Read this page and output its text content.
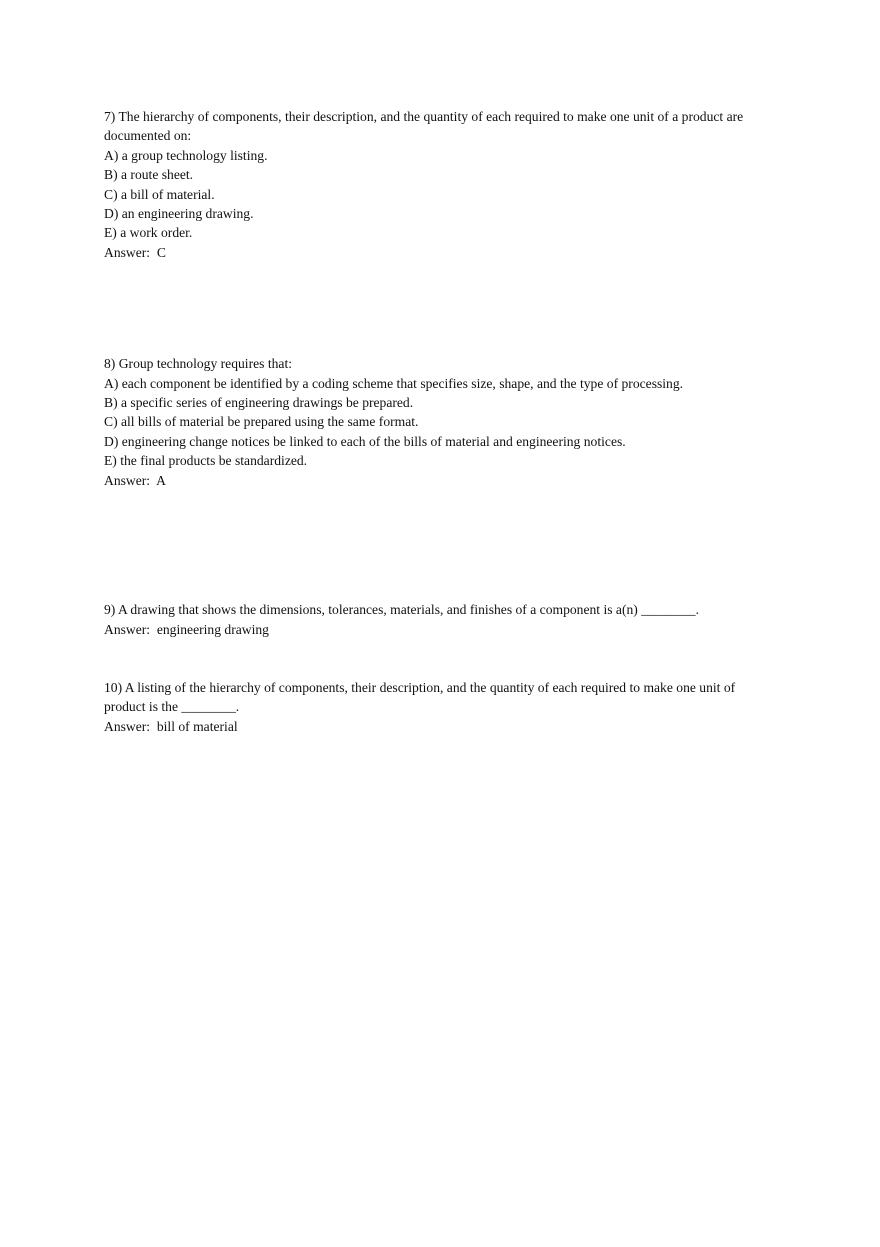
7) The hierarchy of components, their description, and the quantity of each required to make one unit of a product are documented on:

A) a group technology listing.

B) a route sheet.

C) a bill of material.

D) an engineering drawing.

E) a work order.

Answer:  C

8) Group technology requires that:

A) each component be identified by a coding scheme that specifies size, shape, and the type of processing.

B) a specific series of engineering drawings be prepared.

C) all bills of material be prepared using the same format.

D) engineering change notices be linked to each of the bills of material and engineering notices.

E) the final products be standardized.

Answer:  A

9) A drawing that shows the dimensions, tolerances, materials, and finishes of a component is a(n) ________.

Answer:  engineering drawing

10) A listing of the hierarchy of components, their description, and the quantity of each required to make one unit of product is the ________.

Answer:  bill of material
